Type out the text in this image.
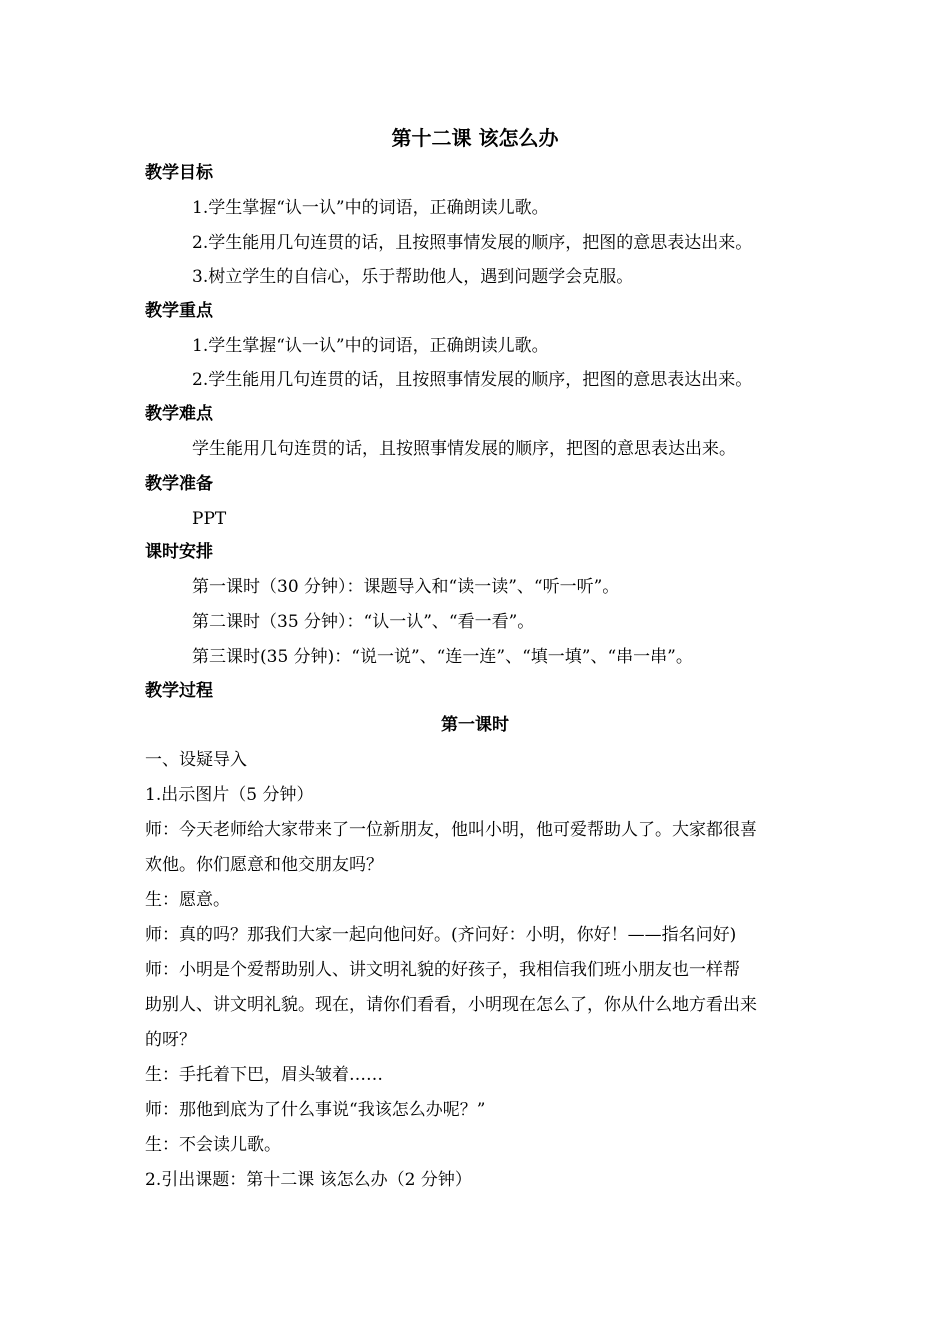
第十二课 该怎么办
教学目标
1.学生掌握“认一认”中的词语，正确朗读儿歌。
2.学生能用几句连贯的话，且按照事情发展的顺序，把图的意思表达出来。
3.树立学生的自信心，乐于帮助他人，遇到问题学会克服。
教学重点
1.学生掌握“认一认”中的词语，正确朗读儿歌。
2.学生能用几句连贯的话，且按照事情发展的顺序，把图的意思表达出来。
教学难点
学生能用几句连贯的话，且按照事情发展的顺序，把图的意思表达出来。
教学准备
PPT
课时安排
第一课时（30 分钟）：课题导入和“读一读”、“听一听”。
第二课时（35 分钟）：“认一认”、“看一看”。
第三课时(35 分钟)：“说一说”、“连一连”、“填一填”、“串一串”。
教学过程
第一课时
一、设疑导入
1.出示图片（5 分钟）
师：今天老师给大家带来了一位新朋友，他叫小明，他可爱帮助人了。大家都很喜
欢他。你们愿意和他交朋友吗？
生：愿意。
师：真的吗？那我们大家一起向他问好。(齐问好：小明，你好！——指名问好)
师：小明是个爱帮助别人、讲文明礼貌的好孩子，我相信我们班小朋友也一样帮
助别人、讲文明礼貌。现在，请你们看看，小明现在怎么了，你从什么地方看出来
的呀？
生：手托着下巴，眉头皱着……
师：那他到底为了什么事说“我该怎么办呢？”
生：不会读儿歌。
2.引出课题：第十二课 该怎么办（2 分钟）
